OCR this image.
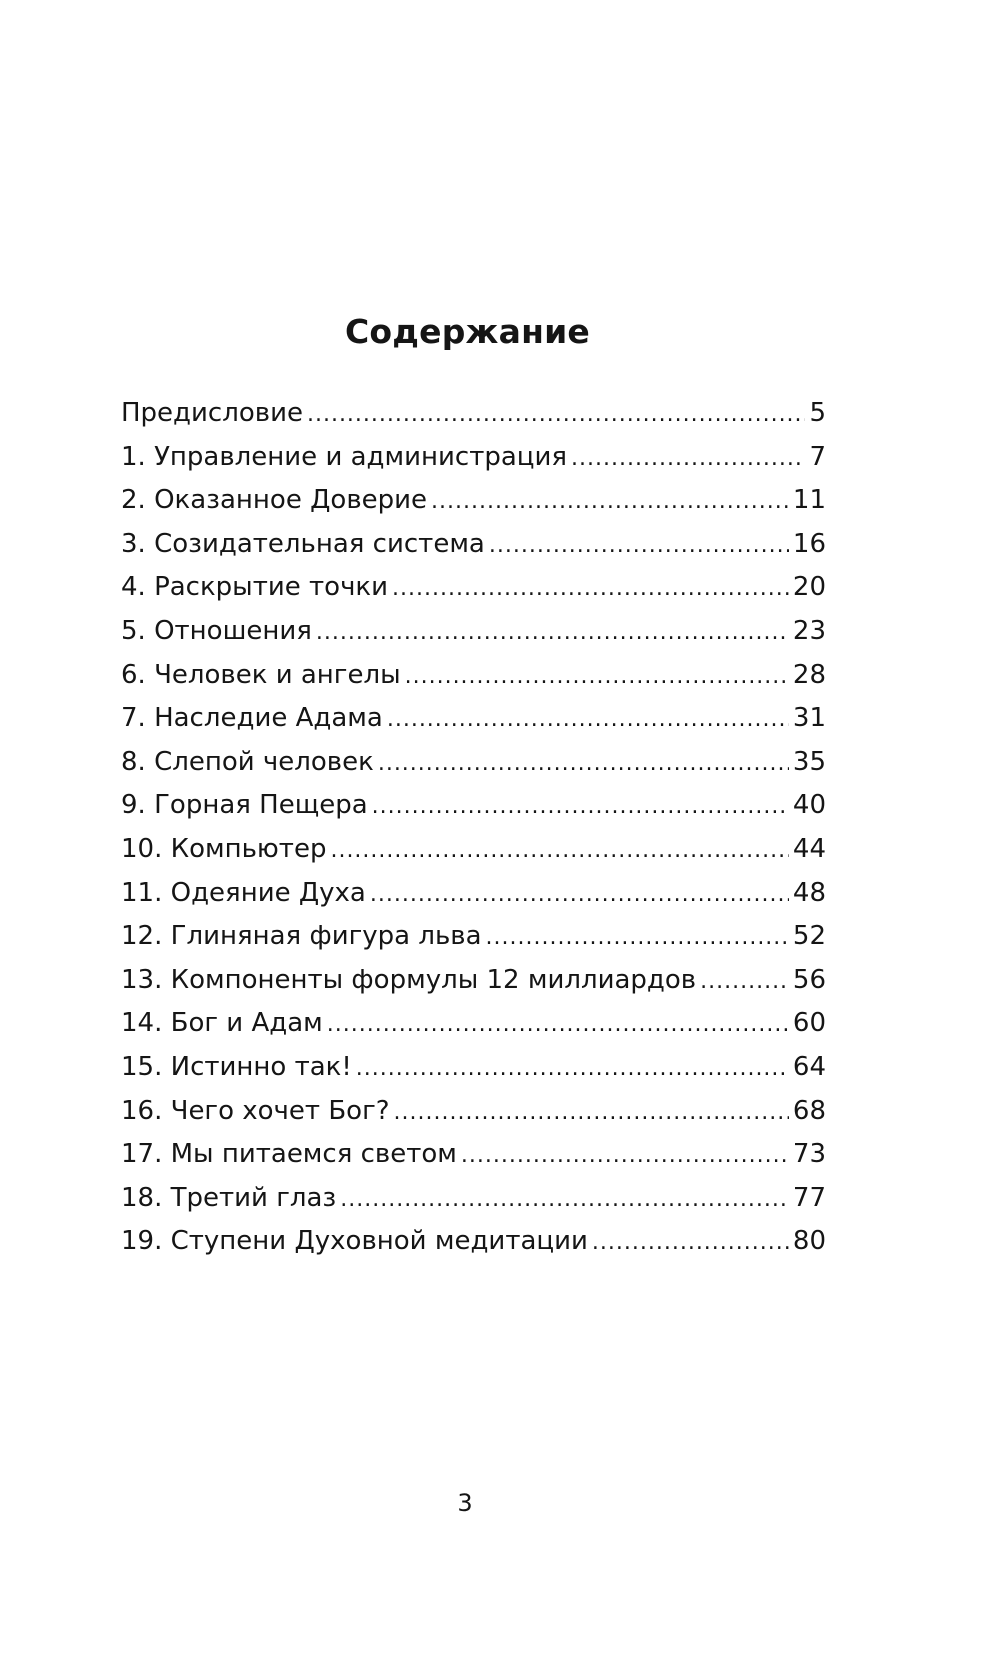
Содержание
Предисловие .....	5
1. Управление и администрация .....	7
2. Оказанное Доверие .....	11
3. Созидательная система .....	16
4. Раскрытие точки .....	20
5. Отношения .....	23
6. Человек и ангелы .....	28
7. Наследие Адама .....	31
8. Слепой человек .....	35
9. Горная Пещера .....	40
10. Компьютер .....	44
11. Одеяние Духа .....	48
12. Глиняная фигура льва .....	52
13. Компоненты формулы 12 миллиардов .....	56
14. Бог и Адам .....	60
15. Истинно так! .....	64
16. Чего хочет Бог? .....	68
17. Мы питаемся светом .....	73
18. Третий глаз .....	77
19. Ступени Духовной медитации .....	80
3
